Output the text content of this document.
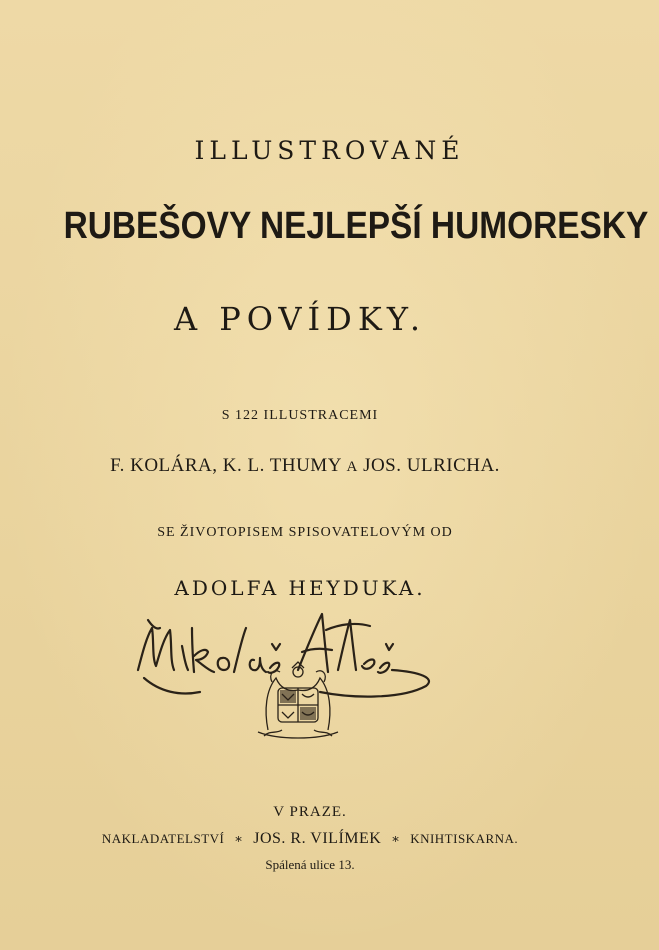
ILLUSTROVANÉ
RUBEŠOVY NEJLEPŠÍ HUMORESKY
A POVÍDKY.
S 122 ILLUSTRACEMI
F. KOLÁRA, K. L. THUMY A JOS. ULRICHA.
SE ŽIVOTOPISEM SPISOVATELOVÝM OD
ADOLFA HEYDUKA.
V PRAZE.
NAKLADATELSTVÍ ∗ JOS. R. VILÍMEK ∗ KNIHTISKARNA.
Spálená ulice 13.
